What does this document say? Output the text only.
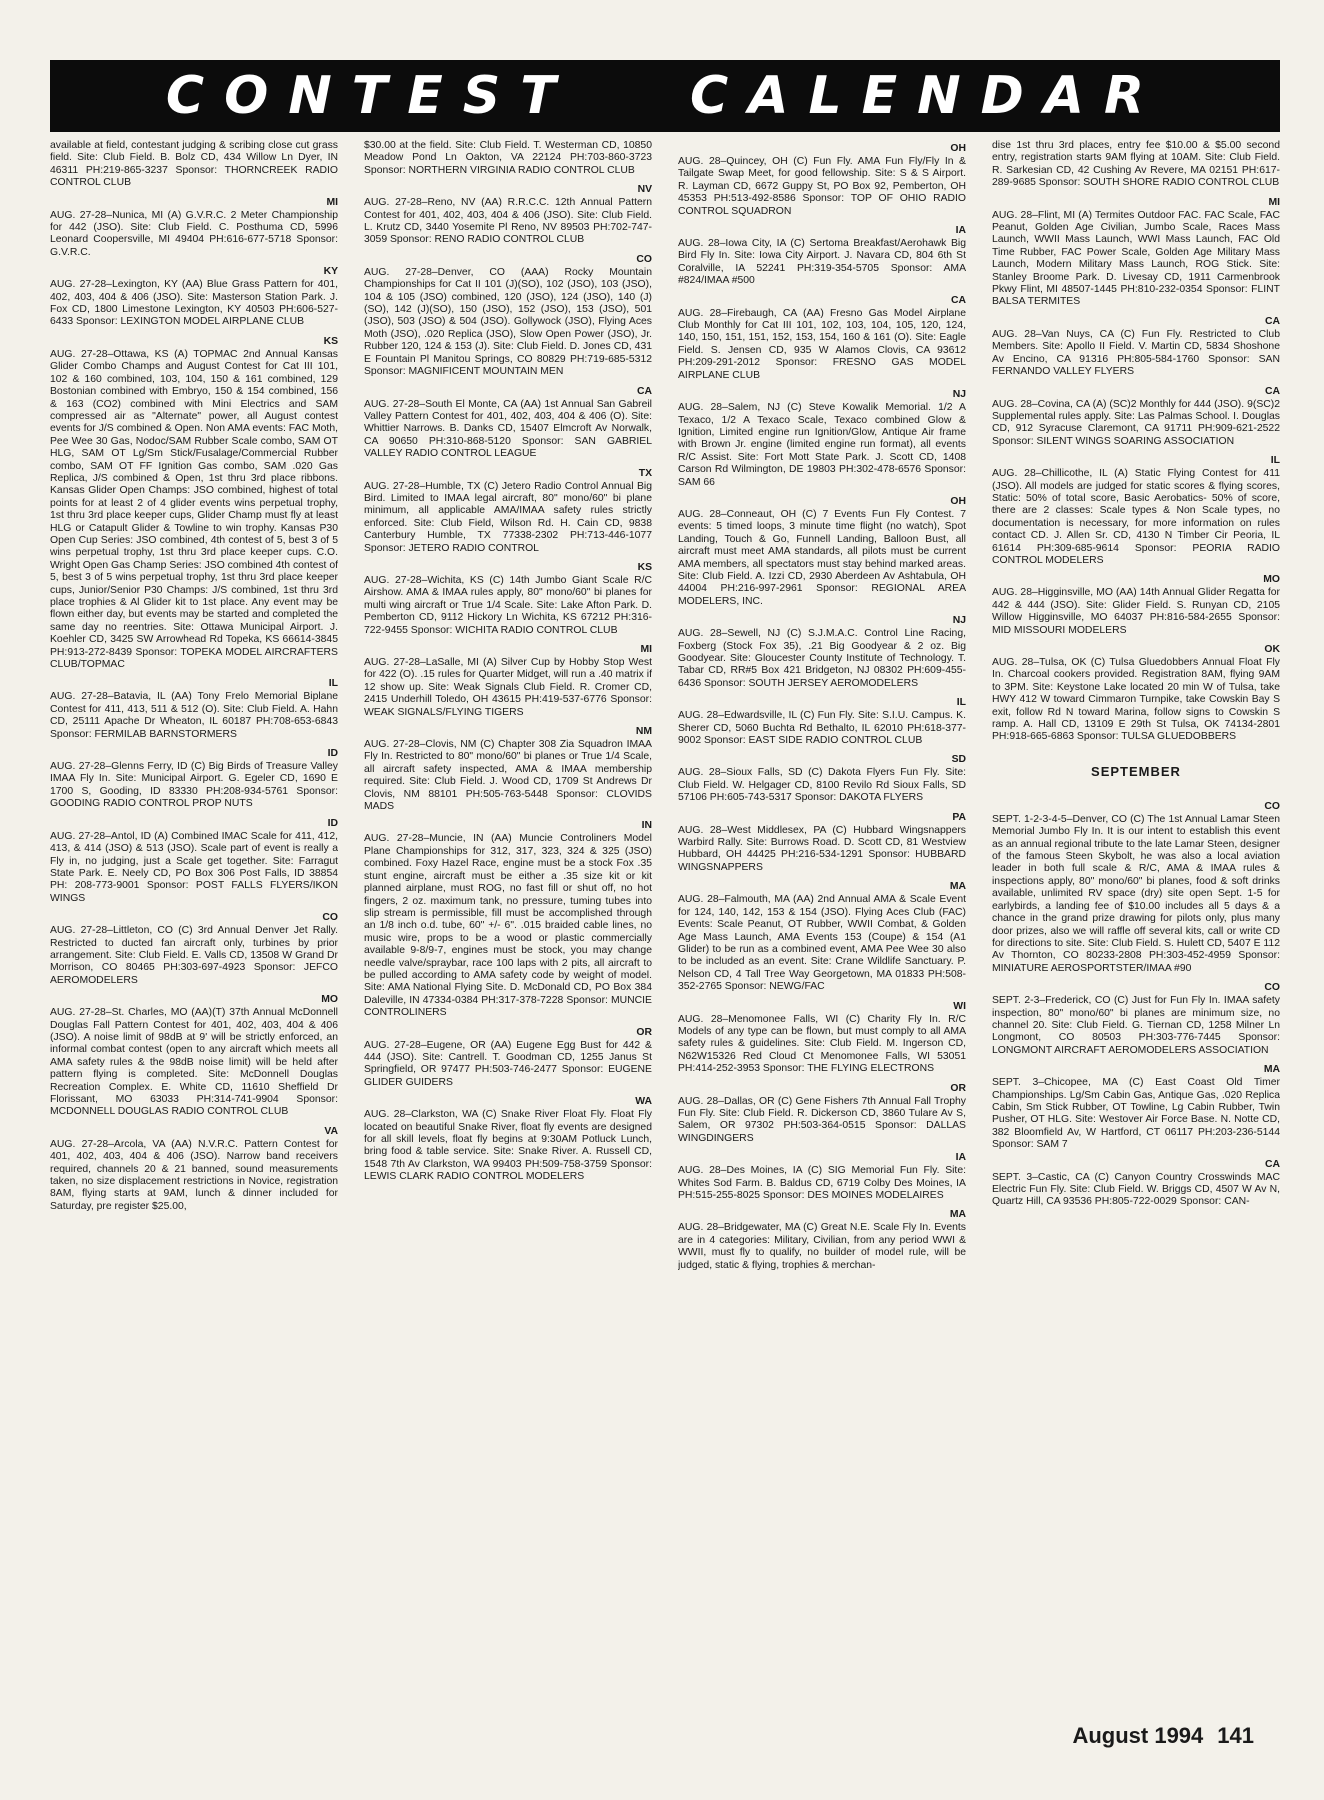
CONTEST   CALENDAR
available at field, contestant judging & scribing close cut grass field. Site: Club Field. B. Bolz CD, 434 Willow Ln Dyer, IN 46311 PH:219-865-3237 Sponsor: THORNCREEK RADIO CONTROL CLUB
MI
AUG. 27-28–Nunica, MI (A) G.V.R.C. 2 Meter Championship for 442 (JSO). Site: Club Field. C. Posthuma CD, 5996 Leonard Coopersville, MI 49404 PH:616-677-5718 Sponsor: G.V.R.C.
KY
AUG. 27-28–Lexington, KY (AA) Blue Grass Pattern for 401, 402, 403, 404 & 406 (JSO). Site: Masterson Station Park. J. Fox CD, 1800 Limestone Lexington, KY 40503 PH:606-527-6433 Sponsor: LEXINGTON MODEL AIRPLANE CLUB
KS
AUG. 27-28–Ottawa, KS (A) TOPMAC 2nd Annual Kansas Glider Combo Champs and August Contest for Cat III 101, 102 & 160 combined, 103, 104, 150 & 161 combined, 129 Bostonian combined with Embryo, 150 & 154 combined, 156 & 163 (CO2) combined with Mini Electrics and SAM compressed air as "Alternate" power, all August contest events for J/S combined & Open. Non AMA events: FAC Moth, Pee Wee 30 Gas, Nodoc/SAM Rubber Scale combo, SAM OT HLG, SAM OT Lg/Sm Stick/Fusalage/Commercial Rubber combo, SAM OT FF Ignition Gas combo, SAM .020 Gas Replica, J/S combined & Open, 1st thru 3rd place ribbons. Kansas Glider Open Champs: JSO combined, highest of total points for at least 2 of 4 glider events wins perpetual trophy, 1st thru 3rd place keeper cups, Glider Champ must fly at least HLG or Catapult Glider & Towline to win trophy. Kansas P30 Open Cup Series: JSO combined, 4th contest of 5, best 3 of 5 wins perpetual trophy, 1st thru 3rd place keeper cups. C.O. Wright Open Gas Champ Series: JSO combined 4th contest of 5, best 3 of 5 wins perpetual trophy, 1st thru 3rd place keeper cups, Junior/Senior P30 Champs: J/S combined, 1st thru 3rd place trophies & Al Glider kit to 1st place. Any event may be flown either day, but events may be started and completed the same day no reentries. Site: Ottawa Municipal Airport. J. Koehler CD, 3425 SW Arrowhead Rd Topeka, KS 66614-3845 PH:913-272-8439 Sponsor: TOPEKA MODEL AIRCRAFTERS CLUB/TOPMAC
IL
AUG. 27-28–Batavia, IL (AA) Tony Frelo Memorial Biplane Contest for 411, 413, 511 & 512 (O). Site: Club Field. A. Hahn CD, 25111 Apache Dr Wheaton, IL 60187 PH:708-653-6843 Sponsor: FERMILAB BARNSTORMERS
ID
AUG. 27-28–Glenns Ferry, ID (C) Big Birds of Treasure Valley IMAA Fly In. Site: Municipal Airport. G. Egeler CD, 1690 E 1700 S, Gooding, ID 83330 PH:208-934-5761 Sponsor: GOODING RADIO CONTROL PROP NUTS
ID
AUG. 27-28–Antol, ID (A) Combined IMAC Scale for 411, 412, 413, & 414 (JSO) & 513 (JSO). Scale part of event is really a Fly in, no judging, just a Scale get together. Site: Farragut State Park. E. Neely CD, PO Box 306 Post Falls, ID 38854 PH: 208-773-9001 Sponsor: POST FALLS FLYERS/IKON WINGS
CO
AUG. 27-28–Littleton, CO (C) 3rd Annual Denver Jet Rally. Restricted to ducted fan aircraft only, turbines by prior arrangement. Site: Club Field. E. Valls CD, 13508 W Grand Dr Morrison, CO 80465 PH:303-697-4923 Sponsor: JEFCO AEROMODELERS
MO
AUG. 27-28–St. Charles, MO (AA)(T) 37th Annual McDonnell Douglas Fall Pattern Contest for 401, 402, 403, 404 & 406 (JSO). A noise limit of 98dB at 9' will be strictly enforced, an informal combat contest (open to any aircraft which meets all AMA safety rules & the 98dB noise limit) will be held after pattern flying is completed. Site: McDonnell Douglas Recreation Complex. E. White CD, 11610 Sheffield Dr Florissant, MO 63033 PH:314-741-9904 Sponsor: MCDONNELL DOUGLAS RADIO CONTROL CLUB
VA
AUG. 27-28–Arcola, VA (AA) N.V.R.C. Pattern Contest for 401, 402, 403, 404 & 406 (JSO). Narrow band receivers required, channels 20 & 21 banned, sound measurements taken, no size displacement restrictions in Novice, registration 8AM, flying starts at 9AM, lunch & dinner included for Saturday, pre register $25.00,
$30.00 at the field. Site: Club Field. T. Westerman CD, 10850 Meadow Pond Ln Oakton, VA 22124 PH:703-860-3723 Sponsor: NORTHERN VIRGINIA RADIO CONTROL CLUB
NV
AUG. 27-28–Reno, NV (AA) R.R.C.C. 12th Annual Pattern Contest for 401, 402, 403, 404 & 406 (JSO). Site: Club Field. L. Krutz CD, 3440 Yosemite Pl Reno, NV 89503 PH:702-747-3059 Sponsor: RENO RADIO CONTROL CLUB
CO
AUG. 27-28–Denver, CO (AAA) Rocky Mountain Championships for Cat II 101 (J)(SO), 102 (JSO), 103 (JSO), 104 & 105 (JSO) combined, 120 (JSO), 124 (JSO), 140 (J)(SO), 142 (J)(SO), 150 (JSO), 152 (JSO), 153 (JSO), 501 (JSO), 503 (JSO) & 504 (JSO). Gollywock (JSO), Flying Aces Moth (JSO), .020 Replica (JSO), Slow Open Power (JSO), Jr. Rubber 120, 124 & 153 (J). Site: Club Field. D. Jones CD, 431 E Fountain Pl Manitou Springs, CO 80829 PH:719-685-5312 Sponsor: MAGNIFICENT MOUNTAIN MEN
CA
AUG. 27-28–South El Monte, CA (AA) 1st Annual San Gabreil Valley Pattern Contest for 401, 402, 403, 404 & 406 (O). Site: Whittier Narrows. B. Danks CD, 15407 Elmcroft Av Norwalk, CA 90650 PH:310-868-5120 Sponsor: SAN GABRIEL VALLEY RADIO CONTROL LEAGUE
TX
AUG. 27-28–Humble, TX (C) Jetero Radio Control Annual Big Bird. Limited to IMAA legal aircraft, 80" mono/60" bi plane minimum, all applicable AMA/IMAA safety rules strictly enforced. Site: Club Field, Wilson Rd. H. Cain CD, 9838 Canterbury Humble, TX 77338-2302 PH:713-446-1077 Sponsor: JETERO RADIO CONTROL
KS
AUG. 27-28–Wichita, KS (C) 14th Jumbo Giant Scale R/C Airshow. AMA & IMAA rules apply, 80" mono/60" bi planes for multi wing aircraft or True 1/4 Scale. Site: Lake Afton Park. D. Pemberton CD, 9112 Hickory Ln Wichita, KS 67212 PH:316-722-9455 Sponsor: WICHITA RADIO CONTROL CLUB
MI
AUG. 27-28–LaSalle, MI (A) Silver Cup by Hobby Stop West for 422 (O). .15 rules for Quarter Midget, will run a .40 matrix if 12 show up. Site: Weak Signals Club Field. R. Cromer CD, 2415 Underhill Toledo, OH 43615 PH:419-537-6776 Sponsor: WEAK SIGNALS/FLYING TIGERS
NM
AUG. 27-28–Clovis, NM (C) Chapter 308 Zia Squadron IMAA Fly In. Restricted to 80" mono/60" bi planes or True 1/4 Scale, all aircraft safety inspected, AMA & IMAA membership required. Site: Club Field. J. Wood CD, 1709 St Andrews Dr Clovis, NM 88101 PH:505-763-5448 Sponsor: CLOVIDS MADS
IN
AUG. 27-28–Muncie, IN (AA) Muncie Controliners Model Plane Championships for 312, 317, 323, 324 & 325 (JSO) combined. Foxy Hazel Race, engine must be a stock Fox .35 stunt engine, aircraft must be either a .35 size kit or kit planned airplane, must ROG, no fast fill or shut off, no hot fingers, 2 oz. maximum tank, no pressure, tuming tubes into slip stream is permissible, fill must be accomplished through an 1/8 inch o.d. tube, 60" +/- 6". .015 braided cable lines, no music wire, props to be a wood or plastic commercially available 9-8/9-7, engines must be stock, you may change needle valve/spraybar, race 100 laps with 2 pits, all aircraft to be pulled according to AMA safety code by weight of model. Site: AMA National Flying Site. D. McDonald CD, PO Box 384 Daleville, IN 47334-0384 PH:317-378-7228 Sponsor: MUNCIE CONTROLINERS
OR
AUG. 27-28–Eugene, OR (AA) Eugene Egg Bust for 442 & 444 (JSO). Site: Cantrell. T. Goodman CD, 1255 Janus St Springfield, OR 97477 PH:503-746-2477 Sponsor: EUGENE GLIDER GUIDERS
WA
AUG. 28–Clarkston, WA (C) Snake River Float Fly. Float Fly located on beautiful Snake River, float fly events are designed for all skill levels, float fly begins at 9:30AM Potluck Lunch, bring food & table service. Site: Snake River. A. Russell CD, 1548 7th Av Clarkston, WA 99403 PH:509-758-3759 Sponsor: LEWIS CLARK RADIO CONTROL MODELERS
OH
AUG. 28–Quincey, OH (C) Fun Fly. AMA Fun Fly/Fly In & Tailgate Swap Meet, for good fellowship. Site: S & S Airport. R. Layman CD, 6672 Guppy St, PO Box 92, Pemberton, OH 45353 PH:513-492-8586 Sponsor: TOP OF OHIO RADIO CONTROL SQUADRON
IA
AUG. 28–Iowa City, IA (C) Sertoma Breakfast/Aerohawk Big Bird Fly In. Site: Iowa City Airport. J. Navara CD, 804 6th St Coralville, IA 52241 PH:319-354-5705 Sponsor: AMA #824/IMAA #500
CA
AUG. 28–Firebaugh, CA (AA) Fresno Gas Model Airplane Club Monthly for Cat III 101, 102, 103, 104, 105, 120, 124, 140, 150, 151, 151, 152, 153, 154, 160 & 161 (O). Site: Eagle Field. S. Jensen CD, 935 W Alamos Clovis, CA 93612 PH:209-291-2012 Sponsor: FRESNO GAS MODEL AIRPLANE CLUB
NJ
AUG. 28–Salem, NJ (C) Steve Kowalik Memorial. 1/2 A Texaco, 1/2 A Texaco Scale, Texaco combined Glow & Ignition, Limited engine run Ignition/Glow, Antique Air frame with Brown Jr. engine (limited engine run format), all events R/C Assist. Site: Fort Mott State Park. J. Scott CD, 1408 Carson Rd Wilmington, DE 19803 PH:302-478-6576 Sponsor: SAM 66
OH
AUG. 28–Conneaut, OH (C) 7 Events Fun Fly Contest. 7 events: 5 timed loops, 3 minute time flight (no watch), Spot Landing, Touch & Go, Funnell Landing, Balloon Bust, all aircraft must meet AMA standards, all pilots must be current AMA members, all spectators must stay behind marked areas. Site: Club Field. A. Izzi CD, 2930 Aberdeen Av Ashtabula, OH 44004 PH:216-997-2961 Sponsor: REGIONAL AREA MODELERS, INC.
NJ
AUG. 28–Sewell, NJ (C) S.J.M.A.C. Control Line Racing, Foxberg (Stock Fox 35), .21 Big Goodyear & 2 oz. Big Goodyear. Site: Gloucester County Institute of Technology. T. Tabar CD, RR#5 Box 421 Bridgeton, NJ 08302 PH:609-455-6436 Sponsor: SOUTH JERSEY AEROMODELERS
IL
AUG. 28–Edwardsville, IL (C) Fun Fly. Site: S.I.U. Campus. K. Sherer CD, 5060 Buchta Rd Bethalto, IL 62010 PH:618-377-9002 Sponsor: EAST SIDE RADIO CONTROL CLUB
SD
AUG. 28–Sioux Falls, SD (C) Dakota Flyers Fun Fly. Site: Club Field. W. Helgager CD, 8100 Revilo Rd Sioux Falls, SD 57106 PH:605-743-5317 Sponsor: DAKOTA FLYERS
PA
AUG. 28–West Middlesex, PA (C) Hubbard Wingsnappers Warbird Rally. Site: Burrows Road. D. Scott CD, 81 Westview Hubbard, OH 44425 PH:216-534-1291 Sponsor: HUBBARD WINGSNAPPERS
MA
AUG. 28–Falmouth, MA (AA) 2nd Annual AMA & Scale Event for 124, 140, 142, 153 & 154 (JSO). Flying Aces Club (FAC) Events: Scale Peanut, OT Rubber, WWII Combat, & Golden Age Mass Launch, AMA Events 153 (Coupe) & 154 (A1 Glider) to be run as a combined event, AMA Pee Wee 30 also to be included as an event. Site: Crane Wildlife Sanctuary. P. Nelson CD, 4 Tall Tree Way Georgetown, MA 01833 PH:508-352-2765 Sponsor: NEWG/FAC
WI
AUG. 28–Menomonee Falls, WI (C) Charity Fly In. R/C Models of any type can be flown, but must comply to all AMA safety rules & guidelines. Site: Club Field. M. Ingerson CD, N62W15326 Red Cloud Ct Menomonee Falls, WI 53051 PH:414-252-3953 Sponsor: THE FLYING ELECTRONS
OR
AUG. 28–Dallas, OR (C) Gene Fishers 7th Annual Fall Trophy Fun Fly. Site: Club Field. R. Dickerson CD, 3860 Tulare Av S, Salem, OR 97302 PH:503-364-0515 Sponsor: DALLAS WINGDINGERS
IA
AUG. 28–Des Moines, IA (C) SIG Memorial Fun Fly. Site: Whites Sod Farm. B. Baldus CD, 6719 Colby Des Moines, IA PH:515-255-8025 Sponsor: DES MOINES MODELAIRES
MA
AUG. 28–Bridgewater, MA (C) Great N.E. Scale Fly In. Events are in 4 categories: Military, Civilian, from any period WWI & WWII, must fly to qualify, no builder of model rule, will be judged, static & flying, trophies & merchan-
dise 1st thru 3rd places, entry fee $10.00 & $5.00 second entry, registration starts 9AM flying at 10AM. Site: Club Field. R. Sarkesian CD, 42 Cushing Av Revere, MA 02151 PH:617-289-9685 Sponsor: SOUTH SHORE RADIO CONTROL CLUB
MI
AUG. 28–Flint, MI (A) Termites Outdoor FAC. FAC Scale, FAC Peanut, Golden Age Civilian, Jumbo Scale, Races Mass Launch, WWII Mass Launch, WWI Mass Launch, FAC Old Time Rubber, FAC Power Scale, Golden Age Military Mass Launch, Modern Military Mass Launch, ROG Stick. Site: Stanley Broome Park. D. Livesay CD, 1911 Carmenbrook Pkwy Flint, MI 48507-1445 PH:810-232-0354 Sponsor: FLINT BALSA TERMITES
CA
AUG. 28–Van Nuys, CA (C) Fun Fly. Restricted to Club Members. Site: Apollo II Field. V. Martin CD, 5834 Shoshone Av Encino, CA 91316 PH:805-584-1760 Sponsor: SAN FERNANDO VALLEY FLYERS
CA
AUG. 28–Covina, CA (A) (SC)2 Monthly for 444 (JSO). 9(SC)2 Supplemental rules apply. Site: Las Palmas School. I. Douglas CD, 912 Syracuse Claremont, CA 91711 PH:909-621-2522 Sponsor: SILENT WINGS SOARING ASSOCIATION
IL
AUG. 28–Chillicothe, IL (A) Static Flying Contest for 411 (JSO). All models are judged for static scores & flying scores, Static: 50% of total score, Basic Aerobatics- 50% of score, there are 2 classes: Scale types & Non Scale types, no documentation is necessary, for more information on rules contact CD. J. Allen Sr. CD, 4130 N Timber Cir Peoria, IL 61614 PH:309-685-9614 Sponsor: PEORIA RADIO CONTROL MODELERS
MO
AUG. 28–Higginsville, MO (AA) 14th Annual Glider Regatta for 442 & 444 (JSO). Site: Glider Field. S. Runyan CD, 2105 Willow Higginsville, MO 64037 PH:816-584-2655 Sponsor: MID MISSOURI MODELERS
OK
AUG. 28–Tulsa, OK (C) Tulsa Gluedobbers Annual Float Fly In. Charcoal cookers provided. Registration 8AM, flying 9AM to 3PM. Site: Keystone Lake located 20 min W of Tulsa, take HWY 412 W toward Cimmaron Turnpike, take Cowskin Bay S exit, follow Rd N toward Marina, follow signs to Cowskin S ramp. A. Hall CD, 13109 E 29th St Tulsa, OK 74134-2801 PH:918-665-6863 Sponsor: TULSA GLUEDOBBERS
SEPTEMBER
CO
SEPT. 1-2-3-4-5–Denver, CO (C) The 1st Annual Lamar Steen Memorial Jumbo Fly In. It is our intent to establish this event as an annual regional tribute to the late Lamar Steen, designer of the famous Steen Skybolt, he was also a local aviation leader in both full scale & R/C, AMA & IMAA rules & inspections apply, 80" mono/60" bi planes, food & soft drinks available, unlimited RV space (dry) site open Sept. 1-5 for earlybirds, a landing fee of $10.00 includes all 5 days & a chance in the grand prize drawing for pilots only, plus many door prizes, also we will raffle off several kits, call or write CD for directions to site. Site: Club Field. S. Hulett CD, 5407 E 112 Av Thornton, CO 80233-2808 PH:303-452-4959 Sponsor: MINIATURE AEROSPORTSTER/IMAA #90
CO
SEPT. 2-3–Frederick, CO (C) Just for Fun Fly In. IMAA safety inspection, 80" mono/60" bi planes are minimum size, no channel 20. Site: Club Field. G. Tiernan CD, 1258 Milner Ln Longmont, CO 80503 PH:303-776-7445 Sponsor: LONGMONT AIRCRAFT AEROMODELERS ASSOCIATION
MA
SEPT. 3–Chicopee, MA (C) East Coast Old Timer Championships. Lg/Sm Cabin Gas, Antique Gas, .020 Replica Cabin, Sm Stick Rubber, OT Towline, Lg Cabin Rubber, Twin Pusher, OT HLG. Site: Westover Air Force Base. N. Notte CD, 382 Bloomfield Av, W Hartford, CT 06117 PH:203-236-5144 Sponsor: SAM 7
CA
SEPT. 3–Castic, CA (C) Canyon Country Crosswinds MAC Electric Fun Fly. Site: Club Field. W. Briggs CD, 4507 W Av N, Quartz Hill, CA 93536 PH:805-722-0029 Sponsor: CAN-
August 1994 141
